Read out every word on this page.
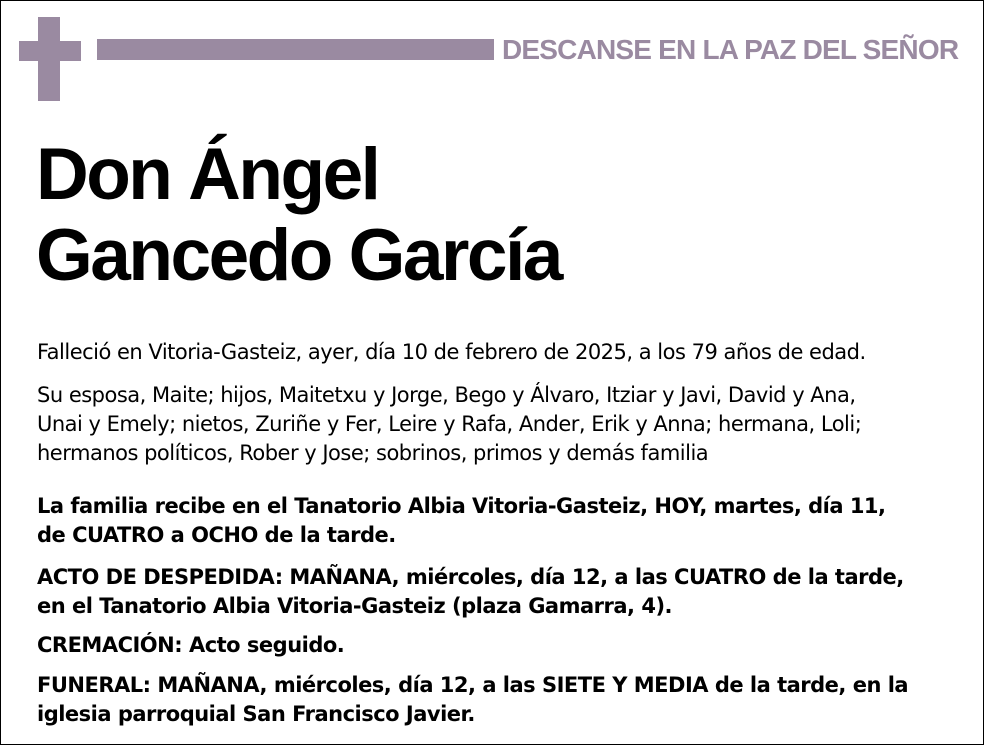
DESCANSE EN LA PAZ DEL SEÑOR
Don Ángel
Gancedo García
Falleció en Vitoria-Gasteiz, ayer, día 10 de febrero de 2025, a los 79 años de edad.
Su esposa, Maite; hijos, Maitetxu y Jorge, Bego y Álvaro, Itziar y Javi, David y Ana,
Unai y Emely; nietos, Zuriñe y Fer, Leire y Rafa, Ander, Erik y Anna; hermana, Loli;
hermanos políticos, Rober y Jose; sobrinos, primos y demás familia
La familia recibe en el Tanatorio Albia Vitoria-Gasteiz, HOY, martes, día 11,
de CUATRO a OCHO de la tarde.
ACTO DE DESPEDIDA: MAÑANA, miércoles, día 12, a las CUATRO de la tarde,
en el Tanatorio Albia Vitoria-Gasteiz (plaza Gamarra, 4).
CREMACIÓN: Acto seguido.
FUNERAL: MAÑANA, miércoles, día 12, a las SIETE Y MEDIA de la tarde, en la
iglesia parroquial San Francisco Javier.
